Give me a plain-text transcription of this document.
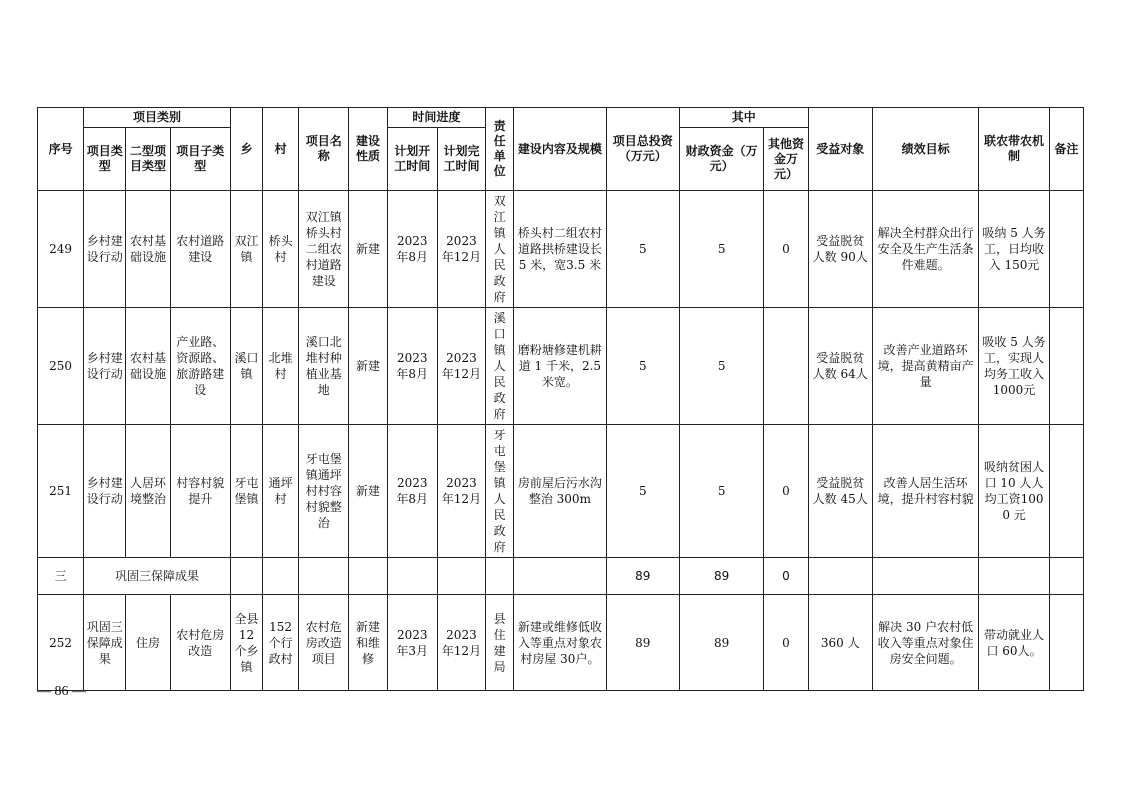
序号	项目类别			乡	村	项目名称	建设性质	时间进度		责任单位	建设内容及规模	项目总投资（万元）	其中		受益对象	绩效目标	联农带农机制	备注
	项目类型	二型项目类型	项目子类型					计划开工时间	计划完工时间				财政资金（万元）	其他资金万元）				
249	乡村建设行动	农村基础设施	农村道路建设	双江镇	桥头村	双江镇桥头村二组农村道路建设	新建	2023 年8月	2023 年12月	双江镇人民政府	桥头村二组农村道路拱桥建设长 5 米，宽3.5 米	5	5	0	受益脱贫人数 90人	解决全村群众出行安全及生产生活条件难题。	吸纳 5 人务工，日均收入 150元	
250	乡村建设行动	农村基础设施	产业路、资源路、旅游路建设	溪口镇	北堆村	溪口北堆村种植业基地	新建	2023 年8月	2023 年12月	溪口镇人民政府	磨粉塘修建机耕道 1 千米，2.5 米宽。	5	5		受益脱贫人数 64人	改善产业道路环境，提高黄精亩产量	吸收 5 人务工，实现人均务工收入 1000元	
251	乡村建设行动	人居环境整治	村容村貌提升	牙屯堡镇	通坪村	牙屯堡镇通坪村村容村貌整治	新建	2023 年8月	2023 年12月	牙屯堡镇人民政府	房前屋后污水沟整治 300m	5	5	0	受益脱贫人数 45人	改善人居生活环境，提升村容村貌	吸纳贫困人口 10 人人均工资1000 元	
三	巩固三保障成果											89	89	0				
252	巩固三保障成果	住房	农村危房改造	全县12个乡镇	152个行政村	农村危房改造项目	新建和维修	2023 年3月	2023 年12月	县住建局	新建或维修低收入等重点对象农村房屋 30户。	89	89	0	360 人	解决 30 户农村低收入等重点对象住房安全问题。	带动就业人口 60人。	
— 86 —
